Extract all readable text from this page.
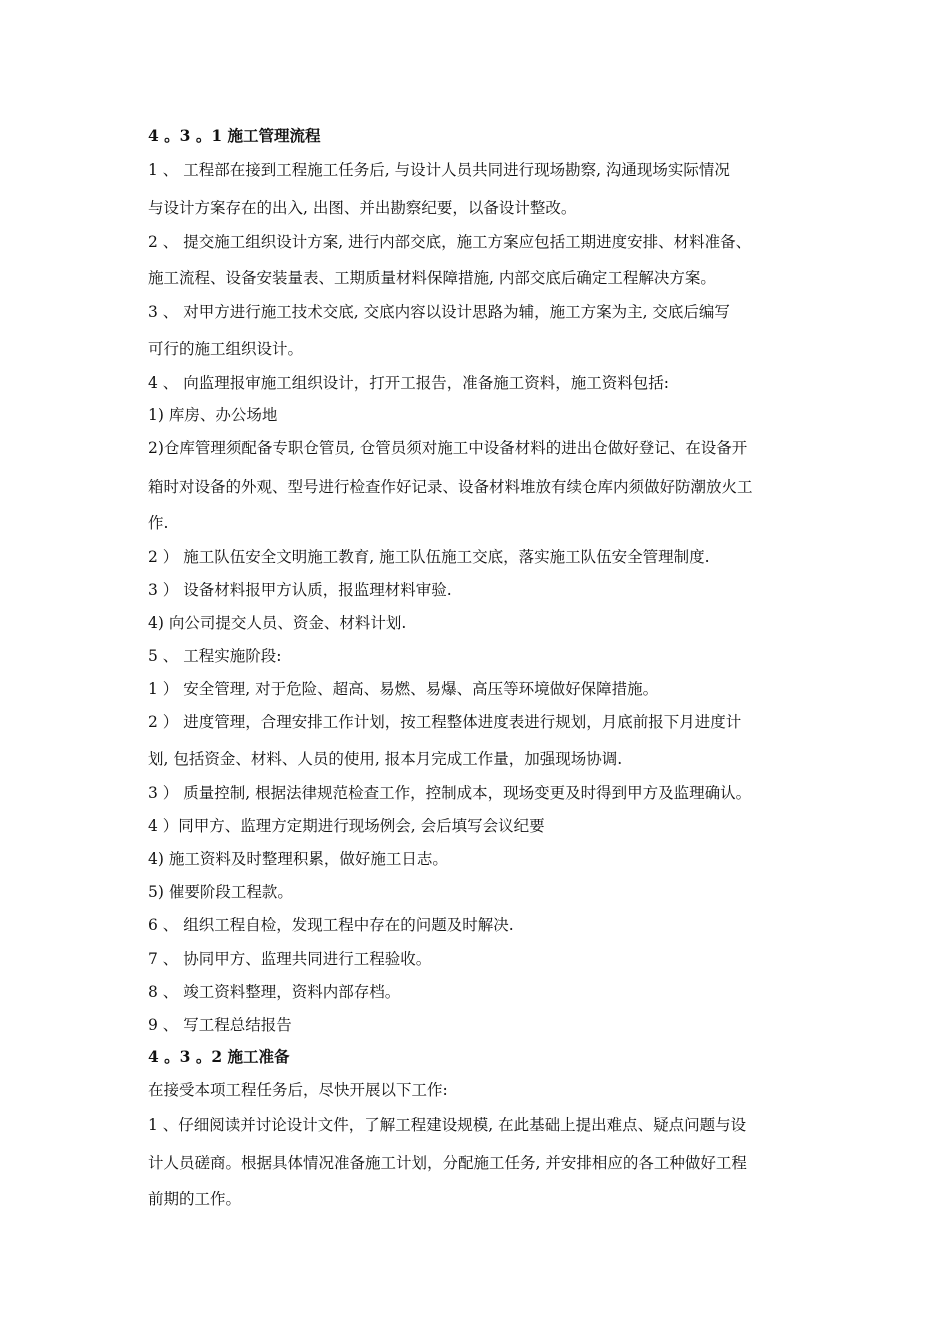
4 。3 。1 施工管理流程
1 、 工程部在接到工程施工任务后, 与设计人员共同进行现场勘察, 沟通现场实际情况
与设计方案存在的出入, 出图、并出勘察纪要，以备设计整改。
2 、 提交施工组织设计方案, 进行内部交底，施工方案应包括工期进度安排、材料准备、
施工流程、设备安装量表、工期质量材料保障措施, 内部交底后确定工程解决方案。
3 、 对甲方进行施工技术交底, 交底内容以设计思路为辅，施工方案为主, 交底后编写
可行的施工组织设计。
4 、 向监理报审施工组织设计，打开工报告，准备施工资料，施工资料包括:
1) 库房、办公场地
2)仓库管理须配备专职仓管员, 仓管员须对施工中设备材料的进出仓做好登记、在设备开
箱时对设备的外观、型号进行检查作好记录、设备材料堆放有续仓库内须做好防潮放火工
作.
2 ） 施工队伍安全文明施工教育, 施工队伍施工交底，落实施工队伍安全管理制度.
3 ） 设备材料报甲方认质，报监理材料审验.
4) 向公司提交人员、资金、材料计划.
5 、 工程实施阶段:
1 ） 安全管理, 对于危险、超高、易燃、易爆、高压等环境做好保障措施。
2 ） 进度管理，合理安排工作计划，按工程整体进度表进行规划，月底前报下月进度计
划, 包括资金、材料、人员的使用, 报本月完成工作量，加强现场协调.
3 ） 质量控制, 根据法律规范检查工作，控制成本，现场变更及时得到甲方及监理确认。
4 ）同甲方、监理方定期进行现场例会, 会后填写会议纪要
4) 施工资料及时整理积累，做好施工日志。
5) 催要阶段工程款。
6 、 组织工程自检，发现工程中存在的问题及时解决.
7 、 协同甲方、监理共同进行工程验收。
8 、 竣工资料整理，资料内部存档。
9 、 写工程总结报告
4 。3 。2 施工准备
在接受本项工程任务后，尽快开展以下工作:
1 、仔细阅读并讨论设计文件，了解工程建设规模, 在此基础上提出难点、疑点问题与设
计人员磋商。根据具体情况准备施工计划，分配施工任务, 并安排相应的各工种做好工程
前期的工作。
